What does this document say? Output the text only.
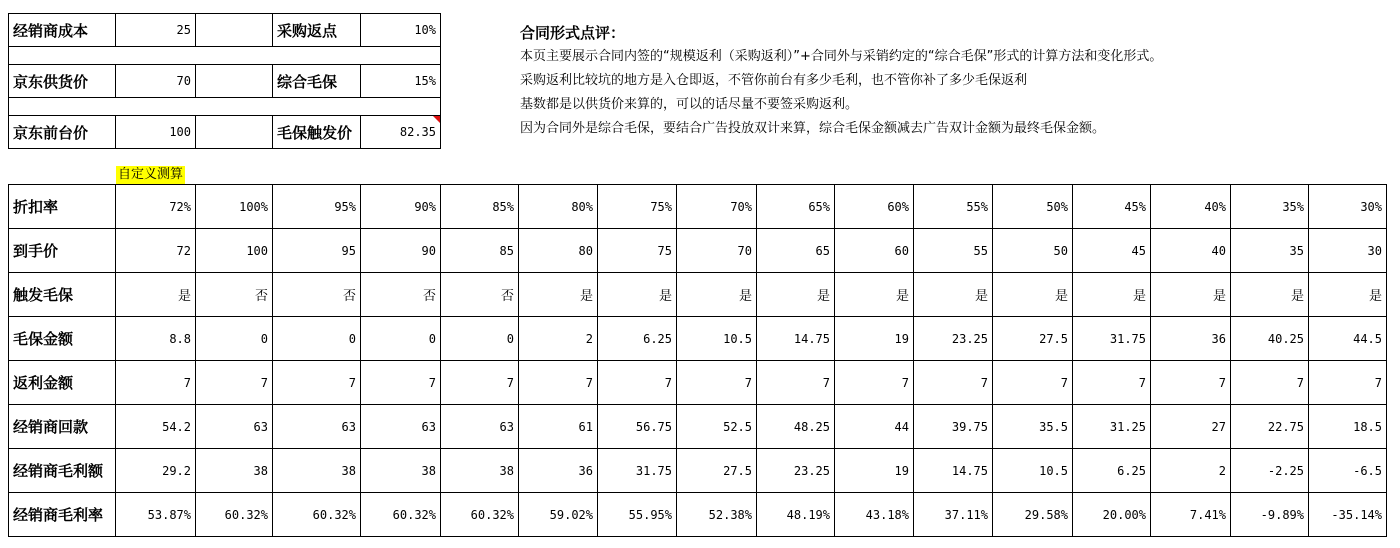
经销商成本	25		采购返点	10%

京东供货价	70		综合毛保	15%

京东前台价	100		毛保触发价	82.35

合同形式点评：

本页主要展示合同内签的“规模返利（采购返利）”+合同外与采销约定的“综合毛保”形式的计算方法和变化形式。

采购返利比较坑的地方是入仓即返，不管你前台有多少毛利，也不管你补了多少毛保返利

基数都是以供货价来算的，可以的话尽量不要签采购返利。

因为合同外是综合毛保，要结合广告投放双计来算，综合毛保金额减去广告双计金额为最终毛保金额。

自定义测算
折扣率	72%	100%	95%	90%	85%	80%	75%	70%	65%	60%	55%	50%	45%	40%	35%	30%
到手价	72	100	95	90	85	80	75	70	65	60	55	50	45	40	35	30
触发毛保	是	否	否	否	否	是	是	是	是	是	是	是	是	是	是	是
毛保金额	8.8	0	0	0	0	2	6.25	10.5	14.75	19	23.25	27.5	31.75	36	40.25	44.5
返利金额	7	7	7	7	7	7	7	7	7	7	7	7	7	7	7	7
经销商回款	54.2	63	63	63	63	61	56.75	52.5	48.25	44	39.75	35.5	31.25	27	22.75	18.5
经销商毛利额	29.2	38	38	38	38	36	31.75	27.5	23.25	19	14.75	10.5	6.25	2	-2.25	-6.5
经销商毛利率	53.87%	60.32%	60.32%	60.32%	60.32%	59.02%	55.95%	52.38%	48.19%	43.18%	37.11%	29.58%	20.00%	7.41%	-9.89%	-35.14%
